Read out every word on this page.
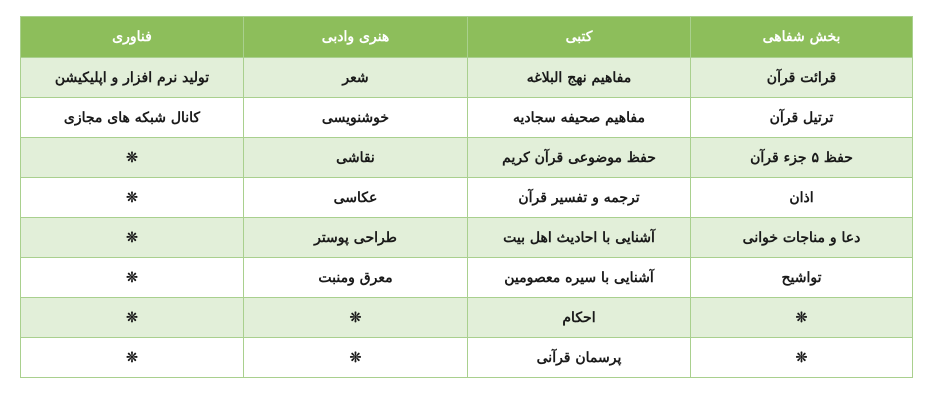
بخش شفاهی	کتبی	هنری وادبی	فناوری
قرائت قرآن	مفاهیم نهج البلاغه	شعر	تولید نرم افزار و اپلیکیشن
ترتیل قرآن	مفاهیم صحیفه سجادیه	خوشنویسی	کانال شبکه های مجازی
حفظ ۵ جزء قرآن	حفظ موضوعی قرآن کریم	نقاشی	❊
اذان	ترجمه و تفسیر قرآن	عکاسی	❊
دعا و مناجات خوانی	آشنایی با احادیث اهل بیت	طراحی پوستر	❊
تواشیح	آشنایی با سیره معصومین	معرق ومنبت	❊
❊	احکام	❊	❊
❊	پرسمان قرآنی	❊	❊
